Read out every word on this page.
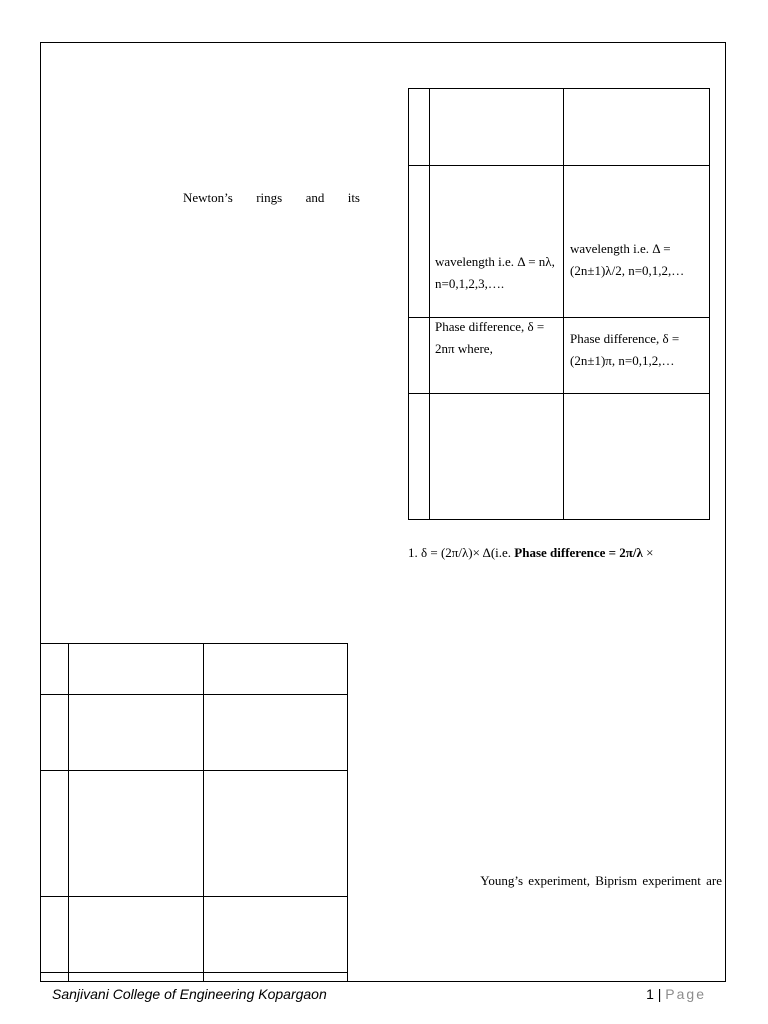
Newton’s rings and its
wavelength i.e. Δ = nλ, n=0,1,2,3,….
wavelength i.e. Δ = (2n±1)λ/2, n=0,1,2,…
Phase difference, δ = 2nπ where,
Phase difference, δ = (2n±1)π, n=0,1,2,…
1. δ = (2π/λ)× Δ(i.e. Phase difference = 2π/λ ×
Young’s experiment, Biprism experiment are
Sanjivani College of Engineering Kopargaon	1 | Page
